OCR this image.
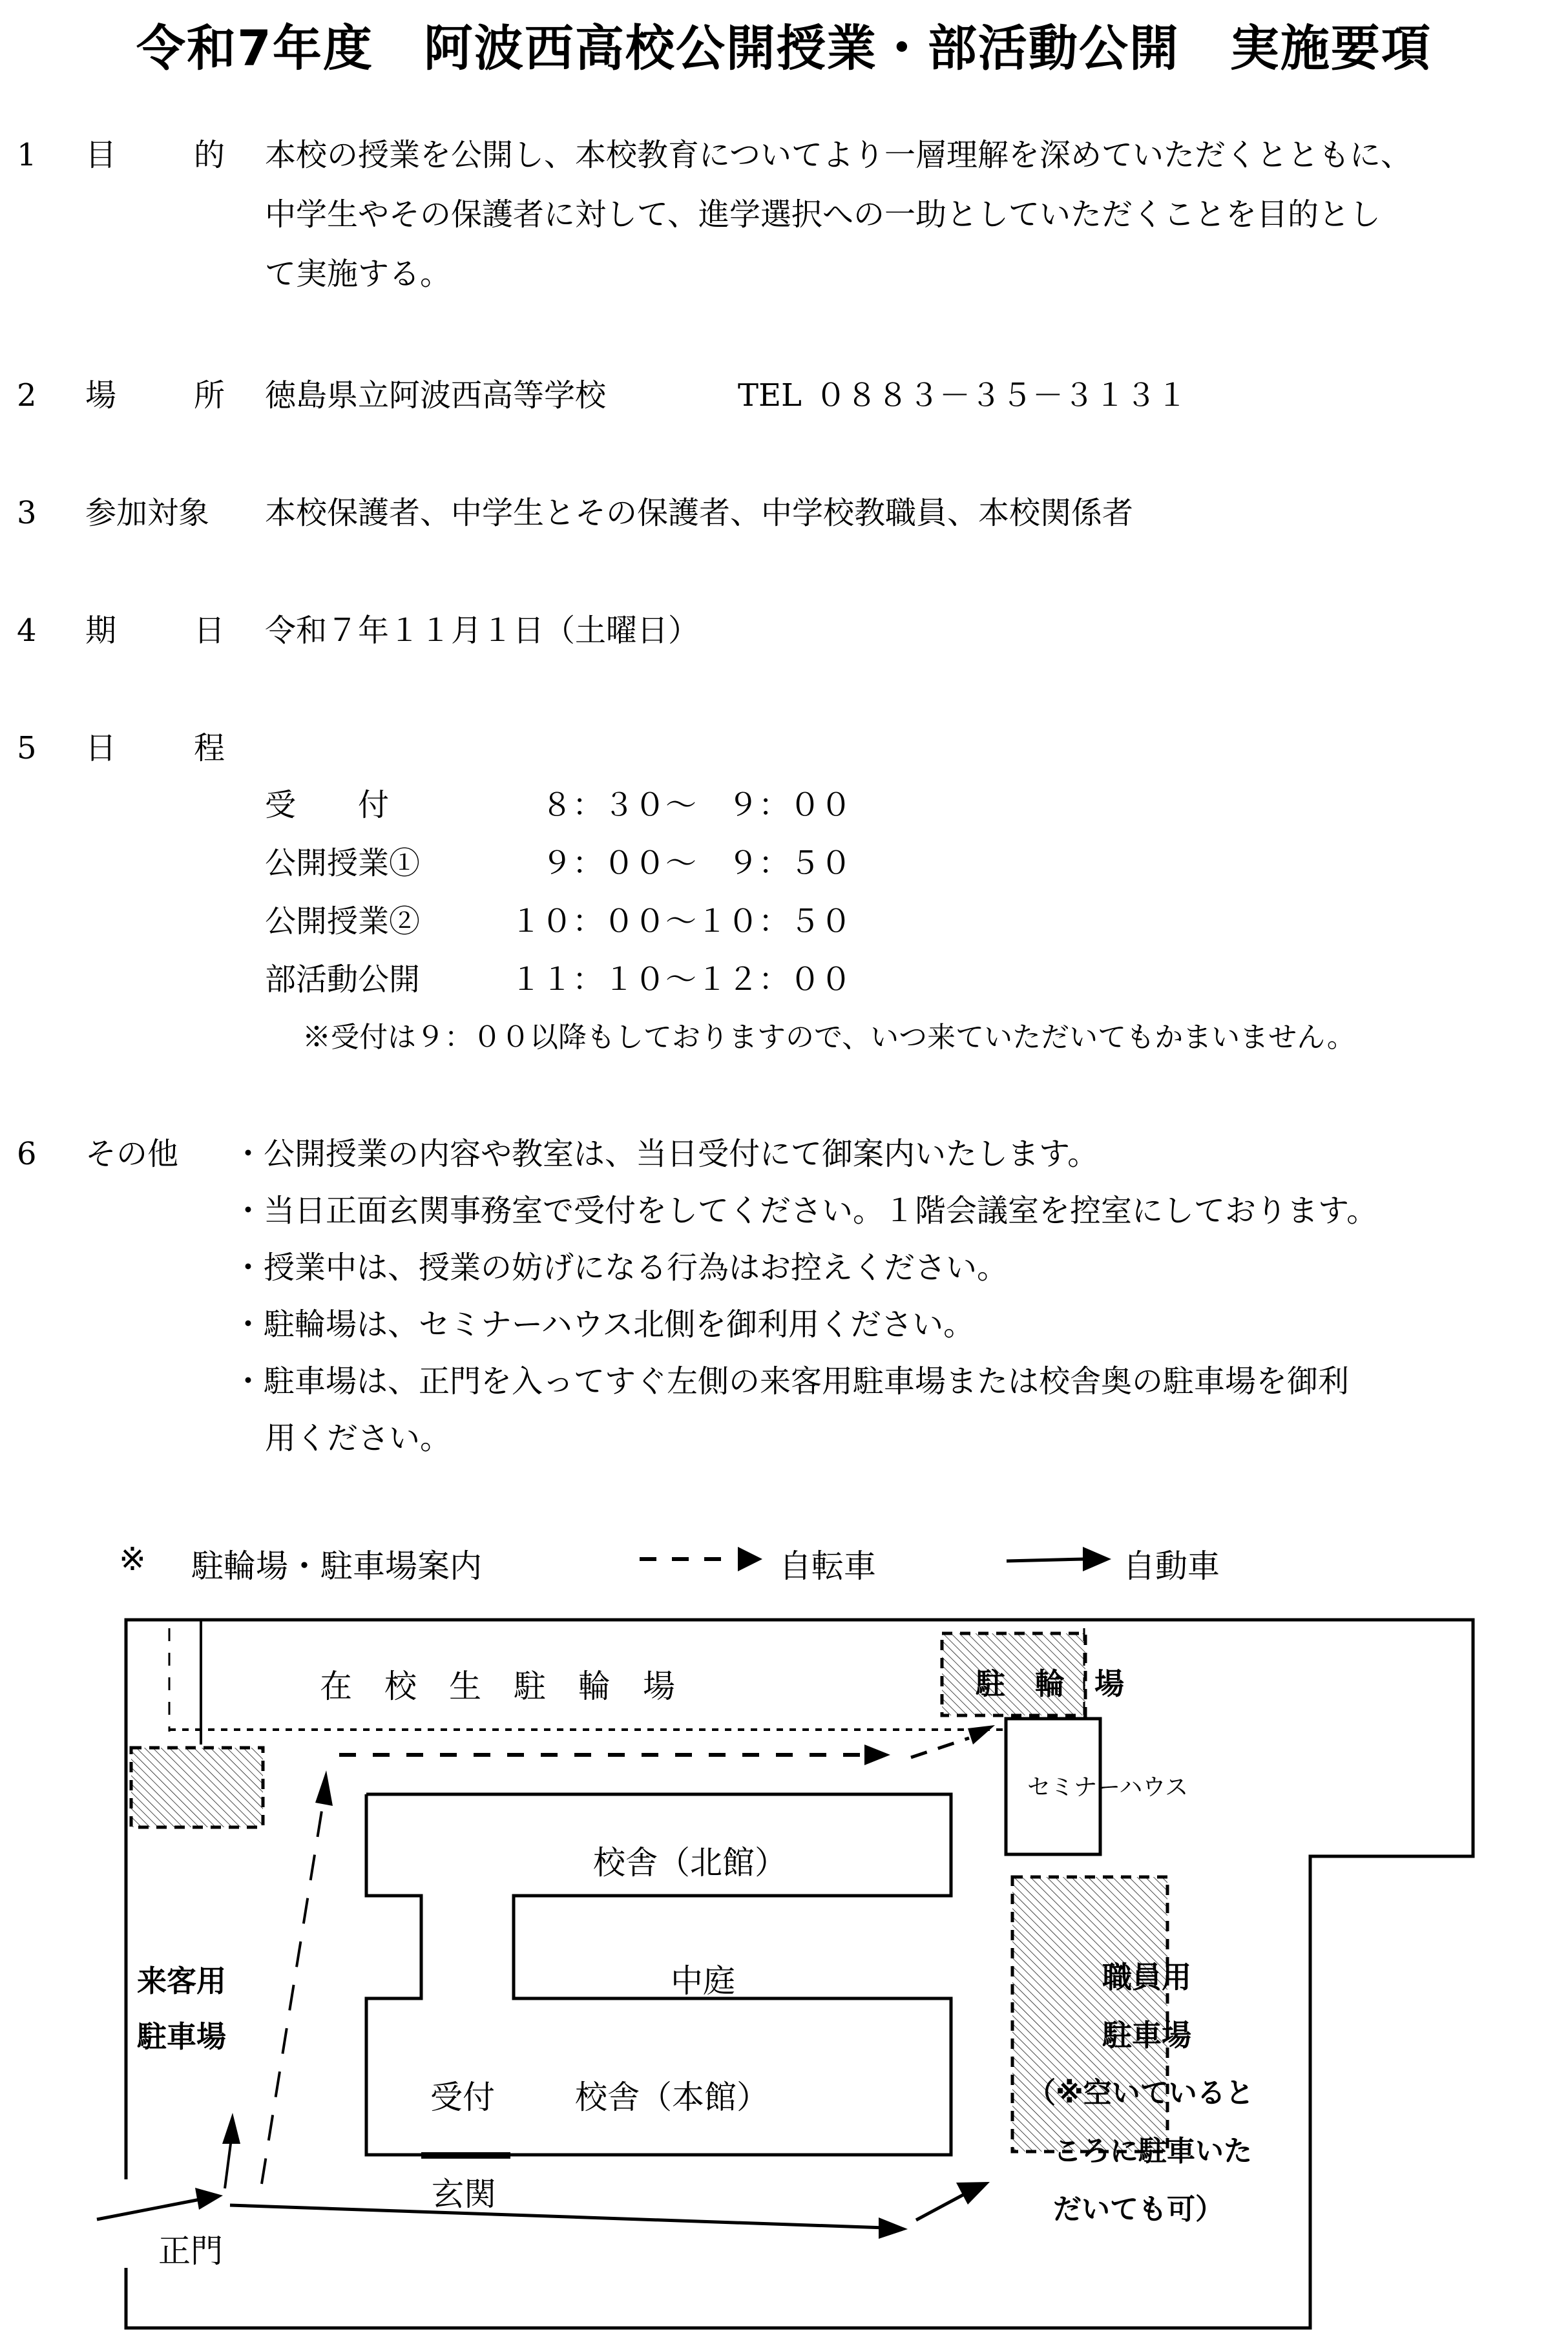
令和7年度　阿波西高校公開授業・部活動公開　実施要項
1 目 的 本校の授業を公開し、本校教育についてより一層理解を深めていただくとともに、
中学生やその保護者に対して、進学選択への一助としていただくことを目的とし
て実施する。
2 場 所 徳島県立阿波西高等学校	TEL ０８８３－３５－３１３１
3 参加対象 本校保護者、中学生とその保護者、中学校教職員、本校関係者
4 期 日 令和７年１１月１日（土曜日）
5 日 程
受　　付	　８：３０～　９：００
公開授業①	　９：００～　９：５０
公開授業②	１０：００～１０：５０
部活動公開	１１：１０～１２：００
※受付は９：００以降もしておりますので、いつ来ていただいてもかまいません。
6 その他 ・公開授業の内容や教室は、当日受付にて御案内いたします。
・当日正面玄関事務室で受付をしてください。１階会議室を控室にしております。
・授業中は、授業の妨げになる行為はお控えください。
・駐輪場は、セミナーハウス北側を御利用ください。
・駐車場は、正門を入ってすぐ左側の来客用駐車場または校舎奥の駐車場を御利
用ください。
※ 駐輪場・駐車場案内	自転車	自動車
在　校　生　駐　輪　場	駐　輪　場
セミナーハウス
校舎（北館）
中庭
受付 校舎（本館）
玄関
正門
来客用
駐車場
職員用
駐車場
（※空いていると
ころに駐車いた
だいても可）
